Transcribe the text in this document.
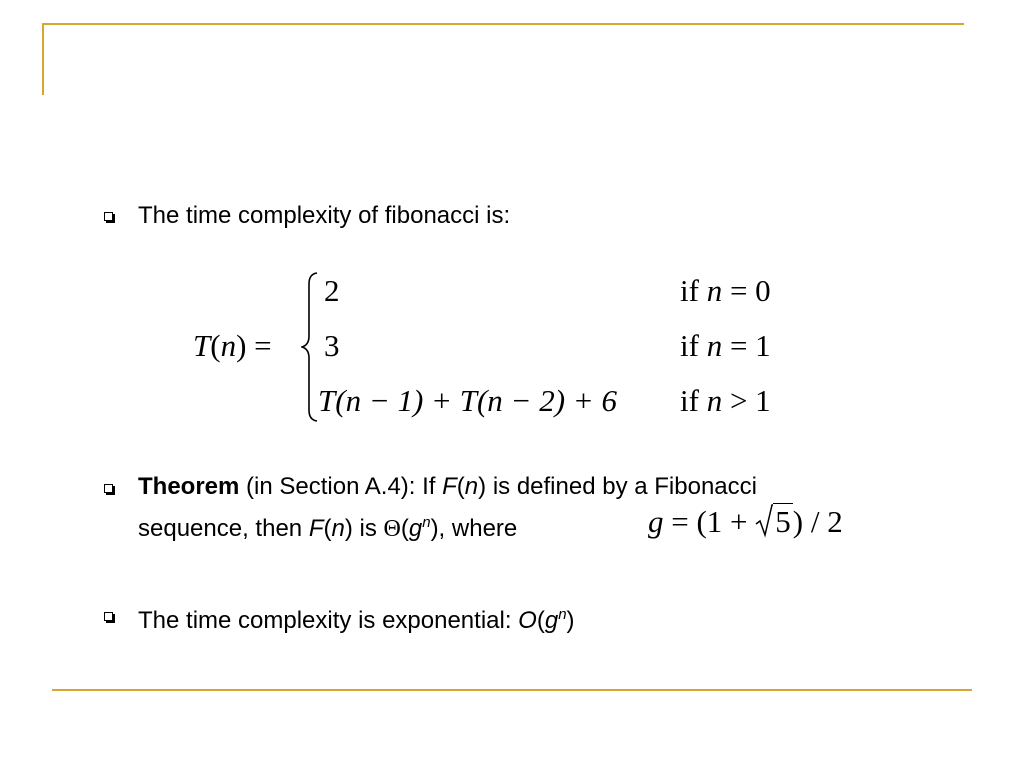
The time complexity of fibonacci is:
T(n) =
2	if n = 0
3	if n = 1
T(n − 1) + T(n − 2) + 6 if n > 1
Theorem (in Section A.4): If F(n) is defined by a Fibonacci
sequence, then F(n) is $\Theta(g^n)$, where	g = (1 + 5) / 2
The time complexity is exponential: $O(g^n)$
